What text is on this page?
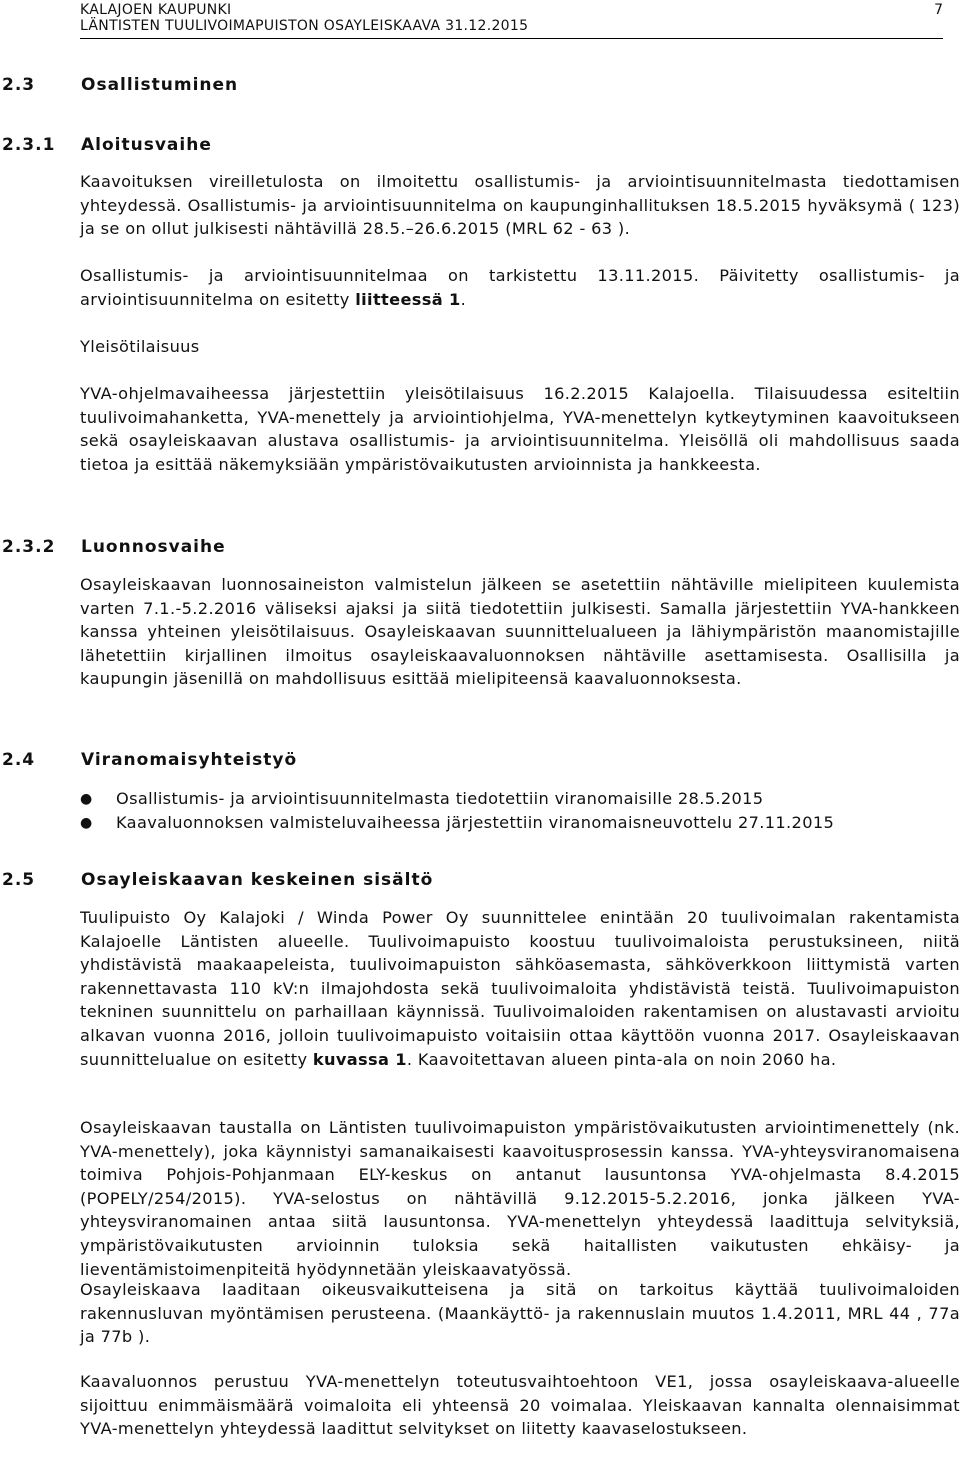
KALAJOEN KAUPUNKI
LÄNTISTEN TUULIVOIMAPUISTON OSAYLEISKAAVA 31.12.2015
7
2.3	Osallistuminen
2.3.1 Aloitusvaihe

Kaavoituksen vireilletulosta on ilmoitettu osallistumis- ja arviointisuunnitelmasta tiedottamisen yhteydessä. Osallistumis- ja arviointisuunnitelma on kaupunginhallituksen 18.5.2015 hyväksymä ( 123) ja se on ollut julkisesti nähtävillä 28.5.–26.6.2015 (MRL 62 - 63 ).

Osallistumis- ja arviointisuunnitelmaa on tarkistettu 13.11.2015. Päivitetty osallistumis- ja arviointisuunnitelma on esitetty liitteessä 1.

Yleisötilaisuus

YVA-ohjelmavaiheessa järjestettiin yleisötilaisuus 16.2.2015 Kalajoella. Tilaisuudessa esiteltiin tuulivoimahanketta, YVA-menettely ja arviointiohjelma, YVA-menettelyn kytkeytyminen kaavoitukseen sekä osayleiskaavan alustava osallistumis- ja arviointisuunnitelma. Yleisöllä oli mahdollisuus saada tietoa ja esittää näkemyksiään ympäristövaikutusten arvioinnista ja hankkeesta.

2.3.2 Luonnosvaihe

Osayleiskaavan luonnosaineiston valmistelun jälkeen se asetettiin nähtäville mielipiteen kuulemista varten 7.1.-5.2.2016 väliseksi ajaksi ja siitä tiedotettiin julkisesti. Samalla järjestettiin YVA-hankkeen kanssa yhteinen yleisötilaisuus. Osayleiskaavan suunnittelualueen ja lähiympäristön maanomistajille lähetettiin kirjallinen ilmoitus osayleiskaavaluonnoksen nähtäville asettamisesta. Osallisilla ja kaupungin jäsenillä on mahdollisuus esittää mielipiteensä kaavaluonnoksesta.

2.4	Viranomaisyhteistyö
● Osallistumis- ja arviointisuunnitelmasta tiedotettiin viranomaisille 28.5.2015
● Kaavaluonnoksen valmisteluvaiheessa järjestettiin viranomaisneuvottelu 27.11.2015
2.5	Osayleiskaavan keskeinen sisältö

Tuulipuisto Oy Kalajoki / Winda Power Oy suunnittelee enintään 20 tuulivoimalan rakentamista Kalajoelle Läntisten alueelle. Tuulivoimapuisto koostuu tuulivoimaloista perustuksineen, niitä yhdistävistä maakaapeleista, tuulivoimapuiston sähköasemasta, sähköverkkoon liittymistä varten rakennettavasta 110 kV:n ilmajohdosta sekä tuulivoimaloita yhdistävistä teistä. Tuulivoimapuiston tekninen suunnittelu on parhaillaan käynnissä. Tuulivoimaloiden rakentamisen on alustavasti arvioitu alkavan vuonna 2016, jolloin tuulivoimapuisto voitaisiin ottaa käyttöön vuonna 2017. Osayleiskaavan suunnittelualue on esitetty kuvassa 1. Kaavoitettavan alueen pinta-ala on noin 2060 ha.

Osayleiskaavan taustalla on Läntisten tuulivoimapuiston ympäristövaikutusten arviointimenettely (nk. YVA-menettely), joka käynnistyi samanaikaisesti kaavoitusprosessin kanssa. YVA-yhteysviranomaisena toimiva Pohjois-Pohjanmaan ELY-keskus on antanut lausuntonsa YVA-ohjelmasta 8.4.2015 (POPELY/254/2015). YVA-selostus on nähtävillä 9.12.2015-5.2.2016, jonka jälkeen YVA-yhteysviranomainen antaa siitä lausuntonsa. YVA-menettelyn yhteydessä laadittuja selvityksiä, ympäristövaikutusten arvioinnin tuloksia sekä haitallisten vaikutusten ehkäisy- ja lieventämistoimenpiteitä hyödynnetään yleiskaavatyössä.

Osayleiskaava laaditaan oikeusvaikutteisena ja sitä on tarkoitus käyttää tuulivoimaloiden rakennusluvan myöntämisen perusteena. (Maankäyttö- ja rakennuslain muutos 1.4.2011, MRL 44 , 77a ja 77b ).

Kaavaluonnos perustuu YVA-menettelyn toteutusvaihtoehtoon VE1, jossa osayleiskaava-alueelle sijoittuu enimmäismäärä voimaloita eli yhteensä 20 voimalaa. Yleiskaavan kannalta olennaisimmat YVA-menettelyn yhteydessä laadittut selvitykset on liitetty kaavaselostukseen.
